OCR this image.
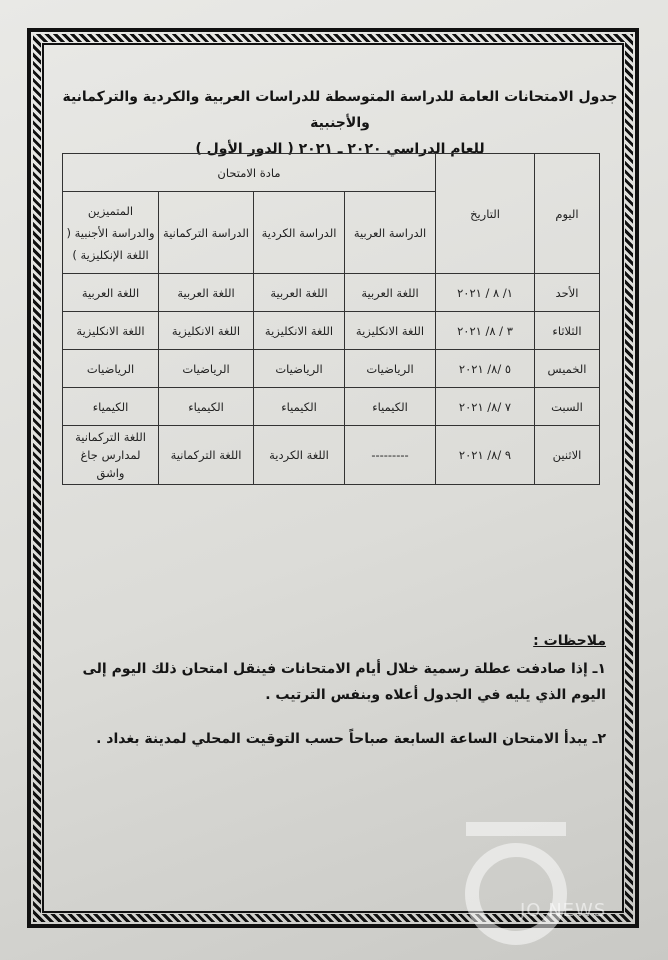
جدول الامتحانات العامة للدراسة المتوسطة للدراسات العربية والكردية والتركمانية والأجنبية
للعام الدراسي ٢٠٢٠ ـ ٢٠٢١ ( الدور الأول )
اليوم	التاريخ	مادة الامتحان			
		الدراسة العربية	الدراسة الكردية	الدراسة التركمانية	المتميزين والدراسة الأجنبية ( اللغة الإنكليزية )
الأحد	١/ ٨ / ٢٠٢١	اللغة العربية	اللغة العربية	اللغة العربية	اللغة العربية
الثلاثاء	٣ / ٨/ ٢٠٢١	اللغة الانكليزية	اللغة الانكليزية	اللغة الانكليزية	اللغة الانكليزية
الخميس	٥ /٨/ ٢٠٢١	الرياضيات	الرياضيات	الرياضيات	الرياضيات
السبت	٧ /٨/ ٢٠٢١	الكيمياء	الكيمياء	الكيمياء	الكيمياء
الاثنين	٩ /٨/ ٢٠٢١	---------	اللغة الكردية	اللغة التركمانية	اللغة التركمانية لمدارس جاغ واشق
ملاحظات :

١ـ إذا صادفت عطلة رسمية خلال أيام الامتحانات فينقل امتحان ذلك اليوم إلى اليوم الذي يليه في الجدول أعلاه وبنفس الترتيب .

٢ـ يبدأ الامتحان الساعة السابعة صباحاً حسب التوقيت المحلي لمدينة بغداد .

JO NEWS
